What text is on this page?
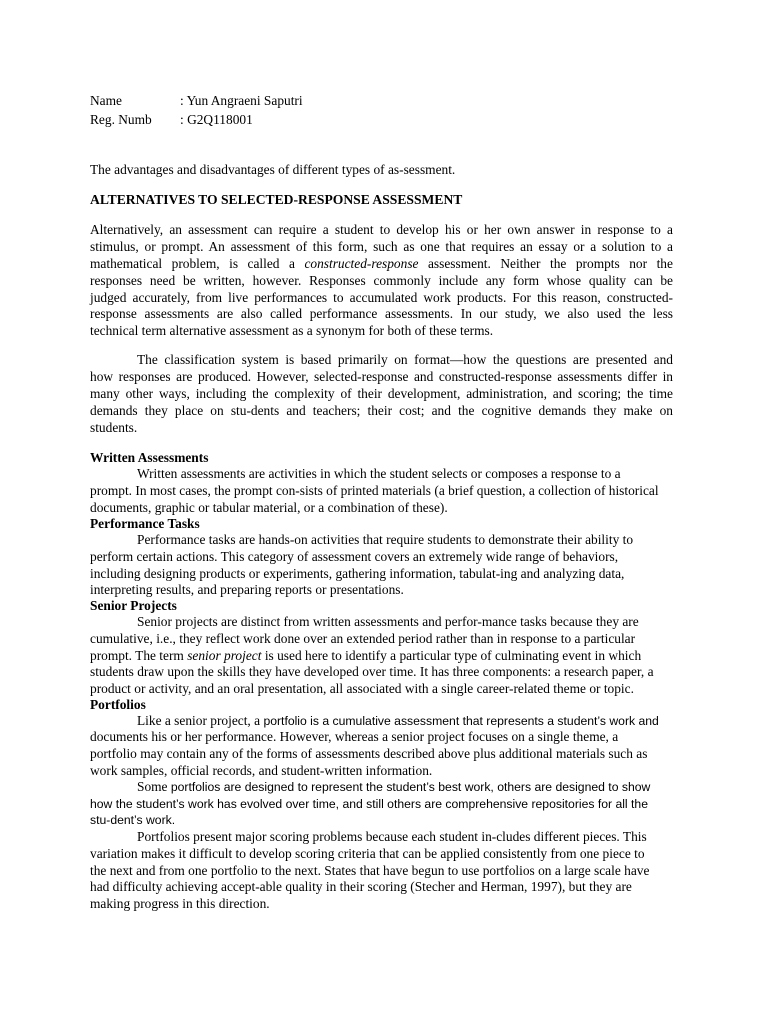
Name	: Yun Angraeni Saputri
Reg. Numb : G2Q118001

The advantages and disadvantages of different types of as-sessment.

ALTERNATIVES TO SELECTED-RESPONSE ASSESSMENT

Alternatively, an assessment can require a student to develop his or her own answer in response to a

stimulus, or prompt. An assessment of this form, such as one that requires an essay or a solution to a

mathematical problem, is called a constructed-response assessment. Neither the prompts nor the

responses need be written, however. Responses commonly include any form whose quality can be

judged accurately, from live performances to accumulated work products. For this reason, constructed-

response assessments are also called performance assessments. In our study, we also used the less

technical term alternative assessment as a synonym for both of these terms.

The classification system is based primarily on format—how the questions are presented and

how responses are produced. However, selected-response and constructed-response assessments differ in

many other ways, including the complexity of their development, administration, and scoring; the time

demands they place on stu-dents and teachers; their cost; and the cognitive demands they make on

students.

Written Assessments

Written assessments are activities in which the student selects or composes a response to a

prompt. In most cases, the prompt con-sists of printed materials (a brief question, a collection of historical

documents, graphic or tabular material, or a combination of these).

Performance Tasks

Performance tasks are hands-on activities that require students to demonstrate their ability to

perform certain actions. This category of assessment covers an extremely wide range of behaviors,

including designing products or experiments, gathering information, tabulat-ing and analyzing data,

interpreting results, and preparing reports or presentations.

Senior Projects

Senior projects are distinct from written assessments and perfor-mance tasks because they are

cumulative, i.e., they reflect work done over an extended period rather than in response to a particular

prompt. The term senior project is used here to identify a particular type of culminating event in which

students draw upon the skills they have developed over time. It has three components: a research paper, a

product or activity, and an oral presentation, all associated with a single career-related theme or topic.

Portfolios

Like a senior project, a portfolio is a cumulative assessment that represents a student’s work and

documents his or her performance. However, whereas a senior project focuses on a single theme, a

portfolio may contain any of the forms of assessments described above plus additional materials such as

work samples, official records, and student-written information.

Some portfolios are designed to represent the student’s best work, others are designed to show

how the student’s work has evolved over time, and still others are comprehensive repositories for all the

stu-dent’s work.

Portfolios present major scoring problems because each student in-cludes different pieces. This

variation makes it difficult to develop scoring criteria that can be applied consistently from one piece to

the next and from one portfolio to the next. States that have begun to use portfolios on a large scale have

had difficulty achieving accept-able quality in their scoring (Stecher and Herman, 1997), but they are

making progress in this direction.
